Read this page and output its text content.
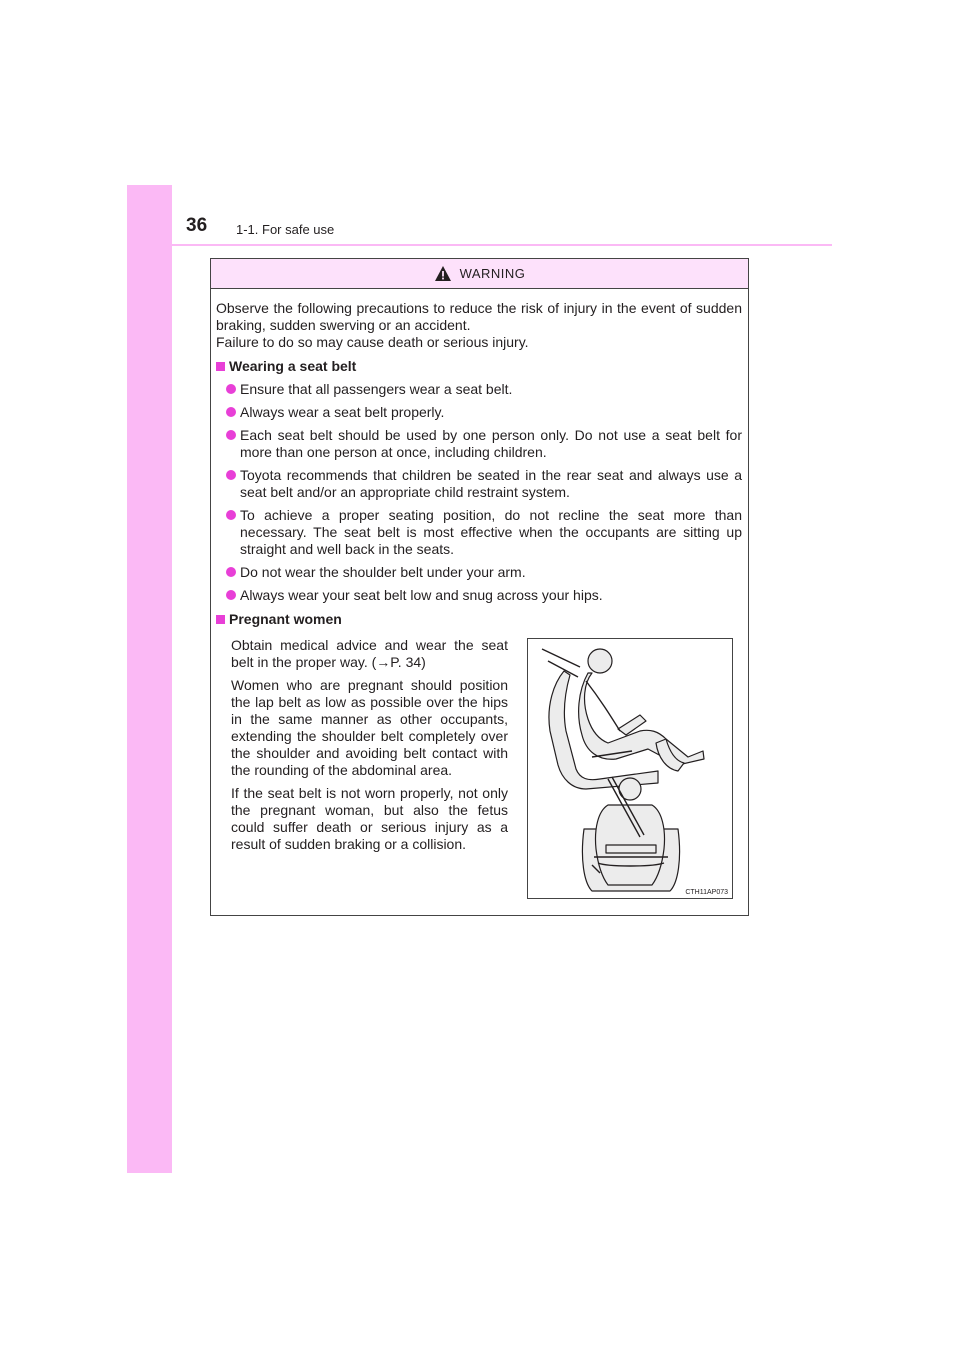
36 1-1. For safe use
WARNING

Observe the following precautions to reduce the risk of injury in the event of sudden braking, sudden swerving or an accident.

Failure to do so may cause death or serious injury.

Wearing a seat belt
Ensure that all passengers wear a seat belt.
Always wear a seat belt properly.
Each seat belt should be used by one person only. Do not use a seat belt for more than one person at once, including children.
Toyota recommends that children be seated in the rear seat and always use a seat belt and/or an appropriate child restraint system.
To achieve a proper seating position, do not recline the seat more than necessary. The seat belt is most effective when the occupants are sitting up straight and well back in the seats.
Do not wear the shoulder belt under your arm.
Always wear your seat belt low and snug across your hips.
Pregnant women

Obtain medical advice and wear the seat belt in the proper way. (→P. 34)

Women who are pregnant should position the lap belt as low as possible over the hips in the same manner as other occupants, extending the shoulder belt completely over the shoulder and avoiding belt contact with the rounding of the abdominal area.

If the seat belt is not worn properly, not only the pregnant woman, but also the fetus could suffer death or serious injury as a result of sudden braking or a collision.

CTH11AP073
